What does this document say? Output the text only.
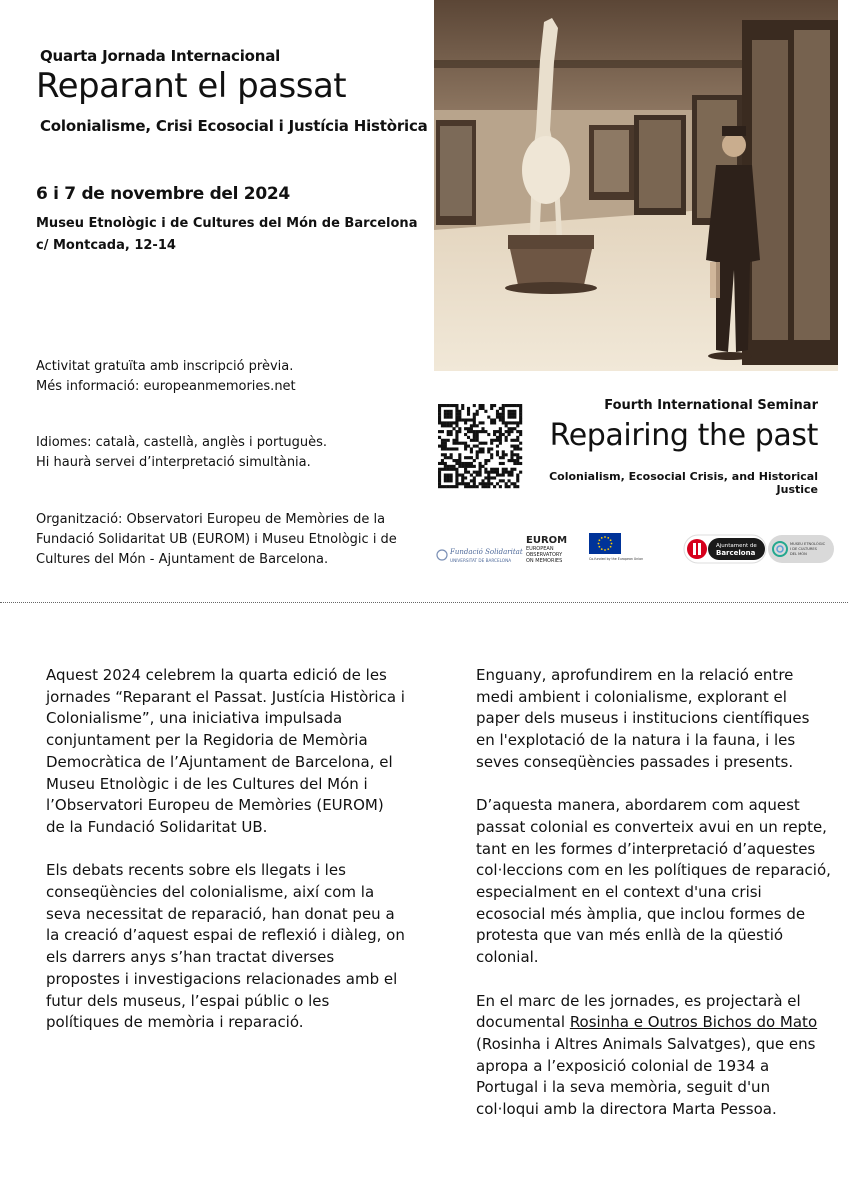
Quarta Jornada Internacional
Reparant el passat
Colonialisme, Crisi Ecosocial i Justícia Històrica
6 i 7 de novembre del 2024
Museu Etnològic i de Cultures del Món de Barcelona
c/ Montcada, 12-14
Activitat gratuïta amb inscripció prèvia.
Més informació: europeanmemories.net
Idiomes: català, castellà, anglès i portuguès.
Hi haurà servei d’interpretació simultània.
Organització: Observatori Europeu de Memòries de la
Fundació Solidaritat UB (EUROM) i Museu Etnològic i de
Cultures del Món - Ajuntament de Barcelona.
Fourth International Seminar
Repairing the past
Colonialism, Ecosocial Crisis, and Historical Justice
Fundació Solidaritat
UNIVERSITAT DE BARCELONA
EUROM
EUROPEAN
OBSERVATORY
ON MEMORIES	Co-funded by the European Union
Ajuntament de
Barcelona
MUSEU ETNOLÒGIC
I DE CULTURES
DEL MÓN

Aquest 2024 celebrem la quarta edició de les jornades “Reparant el Passat. Justícia Històrica i Colonialisme”, una iniciativa impulsada conjuntament per la Regidoria de Memòria Democràtica de l’Ajuntament de Barcelona, el Museu Etnològic i de les Cultures del Món i l’Observatori Europeu de Memòries (EUROM) de la Fundació Solidaritat UB.

Els debats recents sobre els llegats i les conseqüències del colonialisme, així com la seva necessitat de reparació, han donat peu a la creació d’aquest espai de reflexió i diàleg, on els darrers anys s’han tractat diverses propostes i investigacions relacionades amb el futur dels museus, l’espai públic o les polítiques de memòria i reparació.

Enguany, aprofundirem en la relació entre medi ambient i colonialisme, explorant el paper dels museus i institucions científiques en l'explotació de la natura i la fauna, i les seves conseqüències passades i presents.

D’aquesta manera, abordarem com aquest passat colonial es converteix avui en un repte, tant en les formes d’interpretació d’aquestes col·leccions com en les polítiques de reparació, especialment en el context d'una crisi ecosocial més àmplia, que inclou formes de protesta que van més enllà de la qüestió colonial.

En el marc de les jornades, es projectarà el documental Rosinha e Outros Bichos do Mato (Rosinha i Altres Animals Salvatges), que ens apropa a l’exposició colonial de 1934 a Portugal i la seva memòria, seguit d'un col·loqui amb la directora Marta Pessoa.
